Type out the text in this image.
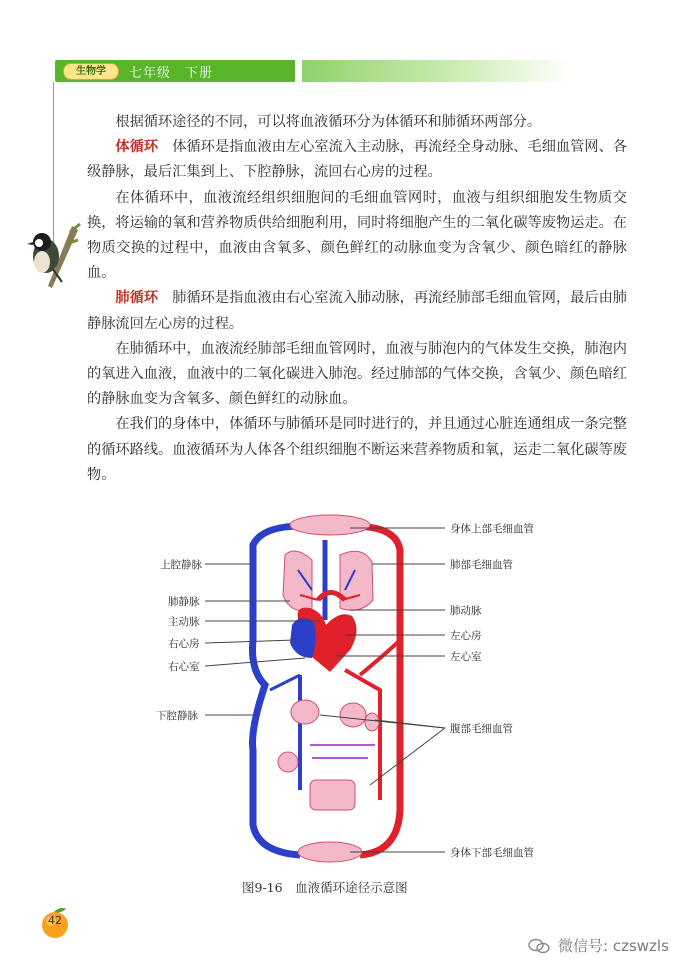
生物学	七年级　下册

根据循环途径的不同，可以将血液循环分为体循环和肺循环两部分。

体循环　体循环是指血液由左心室流入主动脉，再流经全身动脉、毛细血管网、各级静脉，最后汇集到上、下腔静脉，流回右心房的过程。

在体循环中，血液流经组织细胞间的毛细血管网时，血液与组织细胞发生物质交换，将运输的氧和营养物质供给细胞利用，同时将细胞产生的二氧化碳等废物运走。在物质交换的过程中，血液由含氧多、颜色鲜红的动脉血变为含氧少、颜色暗红的静脉血。

肺循环　肺循环是指血液由右心室流入肺动脉，再流经肺部毛细血管网，最后由肺静脉流回左心房的过程。

在肺循环中，血液流经肺部毛细血管网时，血液与肺泡内的气体发生交换，肺泡内的氧进入血液，血液中的二氧化碳进入肺泡。经过肺部的气体交换，含氧少、颜色暗红的静脉血变为含氧多、颜色鲜红的动脉血。

在我们的身体中，体循环与肺循环是同时进行的，并且通过心脏连通组成一条完整的循环路线。血液循环为人体各个组织细胞不断运来营养物质和氧，运走二氧化碳等废物。

上腔静脉
肺静脉
主动脉
右心房
右心室
下腔静脉
身体上部毛细血管
肺部毛细血管
肺动脉
左心房
左心室
腹部毛细血管
身体下部毛细血管
图9-16　血液循环途径示意图
42
微信号: czswzls
